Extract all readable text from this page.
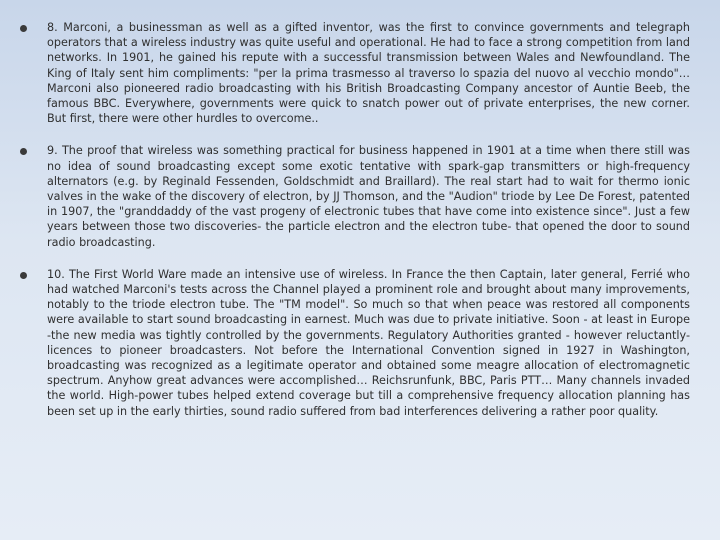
8. Marconi, a businessman as well as a gifted inventor, was the first to convince governments and telegraph operators that a wireless industry was quite useful and operational. He had to face a strong competition from land networks. In 1901, he gained his repute with a successful transmission between Wales and Newfoundland. The King of Italy sent him compliments: "per la prima trasmesso al traverso lo spazia del nuovo al vecchio mondo"… Marconi also pioneered radio broadcasting with his British Broadcasting Company ancestor of Auntie Beeb, the famous BBC. Everywhere, governments were quick to snatch power out of private enterprises, the new corner. But first, there were other hurdles to overcome..

9. The proof that wireless was something practical for business happened in 1901 at a time when there still was no idea of sound broadcasting except some exotic tentative with spark-gap transmitters or high-frequency alternators (e.g. by Reginald Fessenden, Goldschmidt and Braillard). The real start had to wait for thermo ionic valves in the wake of the discovery of electron, by JJ Thomson, and the "Audion" triode by Lee De Forest, patented in 1907, the "granddaddy of the vast progeny of electronic tubes that have come into existence since". Just a few years between those two discoveries- the particle electron and the electron tube- that opened the door to sound radio broadcasting.

10. The First World Ware made an intensive use of wireless. In France the then Captain, later general, Ferrié who had watched Marconi's tests across the Channel played a prominent role and brought about many improvements, notably to the triode electron tube. The "TM model". So much so that when peace was restored all components were available to start sound broadcasting in earnest. Much was due to private initiative. Soon - at least in Europe -the new media was tightly controlled by the governments. Regulatory Authorities granted - however reluctantly- licences to pioneer broadcasters. Not before the International Convention signed in 1927 in Washington, broadcasting was recognized as a legitimate operator and obtained some meagre allocation of electromagnetic spectrum. Anyhow great advances were accomplished… Reichsrunfunk, BBC, Paris PTT… Many channels invaded the world. High-power tubes helped extend coverage but till a comprehensive frequency allocation planning has been set up in the early thirties, sound radio suffered from bad interferences delivering a rather poor quality.
